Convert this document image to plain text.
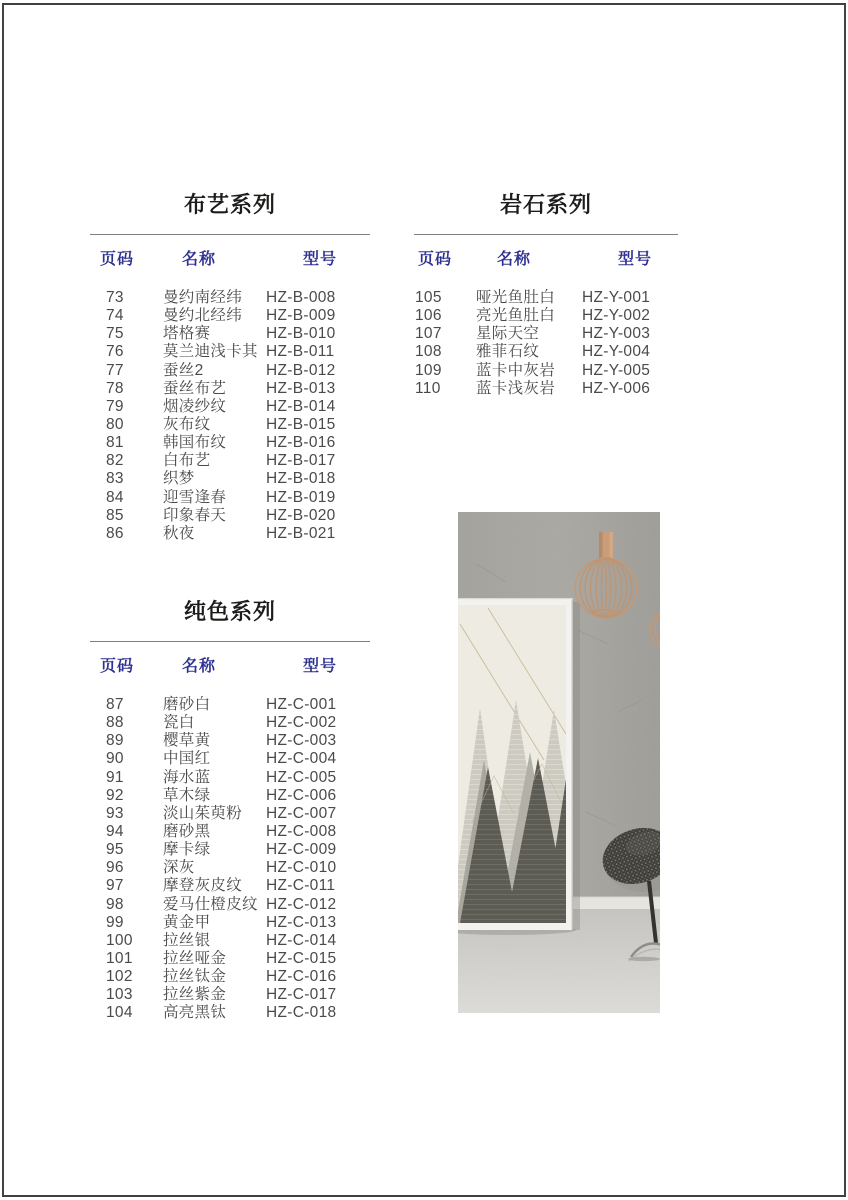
布艺系列
页码	名称	型号
73	曼约南经纬 HZ-B-008
74	曼约北经纬 HZ-B-009
75	塔格赛	HZ-B-010
76	莫兰迪浅卡其 HZ-B-011
77	蚕丝2	HZ-B-012
78	蚕丝布艺	HZ-B-013
79	烟凌纱纹	HZ-B-014
80	灰布纹	HZ-B-015
81	韩国布纹	HZ-B-016
82	白布艺	HZ-B-017
83	织梦	HZ-B-018
84	迎雪逢春	HZ-B-019
85	印象春天	HZ-B-020
86	秋夜	HZ-B-021
岩石系列
页码	名称	型号
105 哑光鱼肚白 HZ-Y-001
106 亮光鱼肚白 HZ-Y-002
107 星际天空	HZ-Y-003
108 雅菲石纹	HZ-Y-004
109 蓝卡中灰岩 HZ-Y-005
110 蓝卡浅灰岩 HZ-Y-006
纯色系列
页码	名称	型号
87	磨砂白	HZ-C-001
88	瓷白	HZ-C-002
89	樱草黄	HZ-C-003
90	中国红	HZ-C-004
91	海水蓝	HZ-C-005
92	草木绿	HZ-C-006
93	淡山茱萸粉 HZ-C-007
94	磨砂黑	HZ-C-008
95	摩卡绿	HZ-C-009
96	深灰	HZ-C-010
97	摩登灰皮纹 HZ-C-011
98	爱马仕橙皮纹 HZ-C-012
99	黄金甲	HZ-C-013
100 拉丝银	HZ-C-014
101 拉丝哑金	HZ-C-015
102 拉丝钛金	HZ-C-016
103 拉丝紫金	HZ-C-017
104 高亮黑钛	HZ-C-018
